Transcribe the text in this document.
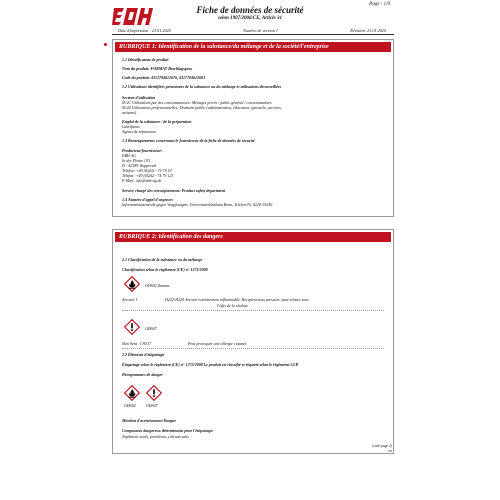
Page : 1/9
Fiche de données de sécurité
selon 1907/2006/CE, Article 31
Date d'impression : 23.01.2020	Numéro de version 1	Révision: 23.01.2020
RUBRIQUE 1: Identification de la substance/du mélange et de la société/l'entreprise
1.1 Identificateur de produit
Nom du produit: FORMAT Beschlagspray
Code du produit: 4317784612676, 4317784612683
1.2 Utilisations identifiées pertinentes de la substance ou du mélange et utilisations déconseillées
Secteur d'utilisation
SU21 Utilisations par des consommateurs: Ménages privés / public général / consommateurs
SU22 Utilisations professionnelles: Domaine public (administration, éducation, spectacle, services,
artisans)
Emploi de la substance / de la préparation
Lubrifiants
Agents de séparation
1.3 Renseignements concernant le fournisseur de la fiche de données de sécurité
Producteur/fournisseur:
EBH AG
In der Fleute 153
D - 42389 Wuppertal
Telefon: +49 (0)202 - 74 79 10
Telefax: +49 (0)202 - 74 79 123
E-Mail: info@ebh-ag.de
Service chargé des renseignements: Product safety department
1.4 Numéro d'appel d'urgence:
Informationszentrale gegen Vergiftungen, Universitätsklinikum Bonn, Telefon-Nr. 0228-19240
RUBRIQUE 2: Identification des dangers
2.1 Classification de la substance ou du mélange
Classification selon le règlement (CE) n° 1272/2008
GHS02 flamme
Aerosol 1	H222-H229 Aérosol extrêmement inflammable. Récipient sous pression: peut éclater sous
l'effet de la chaleur.
GHS07
Skin Sens. 1 H317	Peut provoquer une allergie cutanée.
2.2 Éléments d'étiquetage
Étiquetage selon le règlement (CE) n° 1272/2008 Le produit est classifié et étiqueté selon le règlement CLP.
Pictogrammes de danger
GHS02	GHS07
Mention d'avertissement Danger
Composants dangereux déterminants pour l'étiquetage:
Naphtenic acids, petroleum, calcium salts
(suite page 2)
FR
